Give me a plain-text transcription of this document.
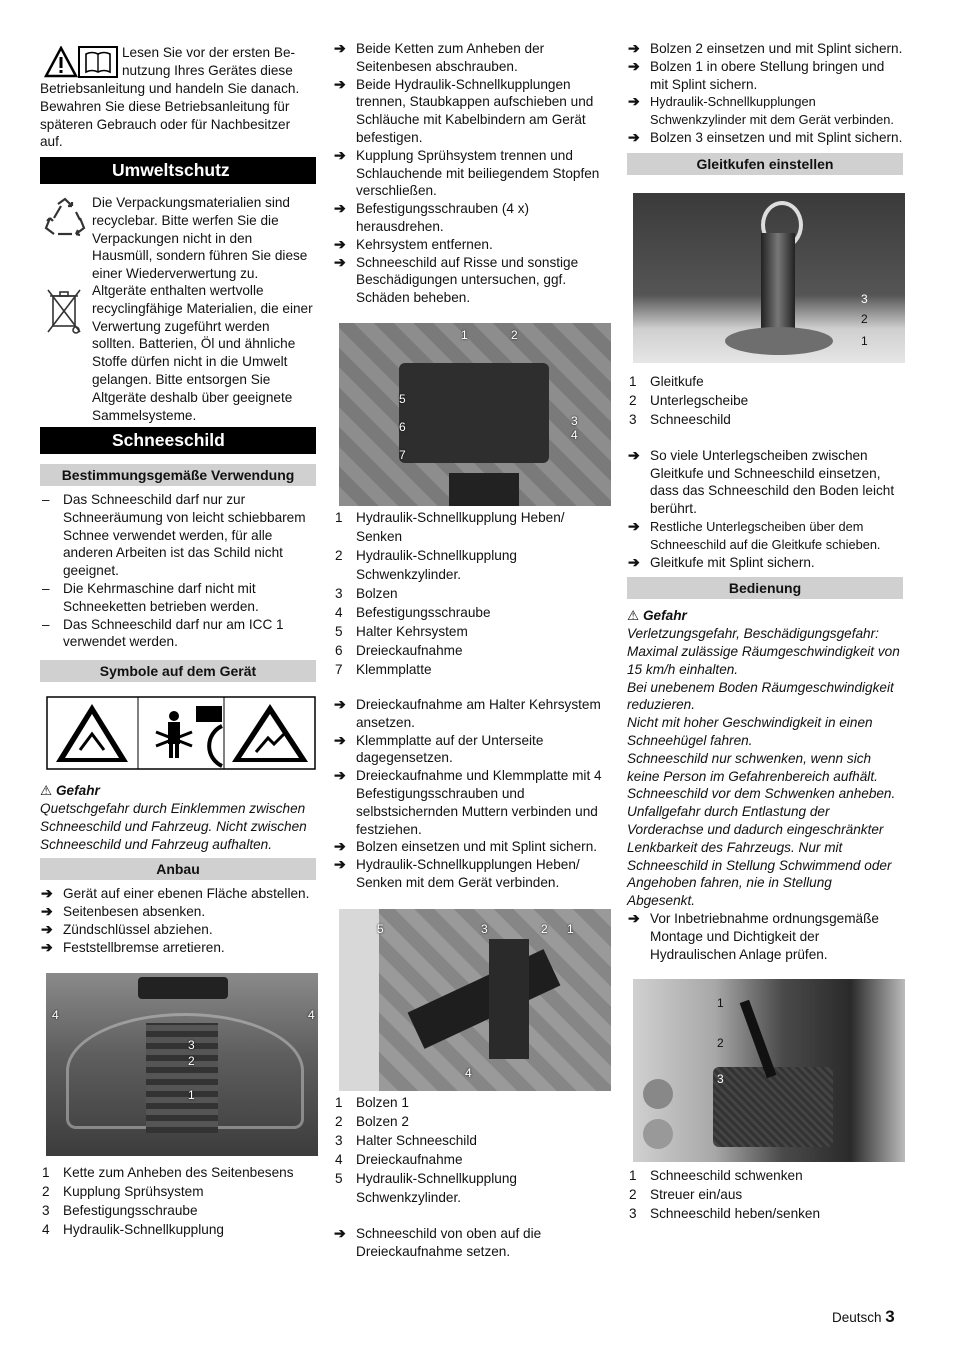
Lesen Sie vor der ersten Be-

nutzung Ihres Gerätes diese

Betriebsanleitung und handeln Sie danach. Bewahren Sie diese Betriebsanleitung für späteren Gebrauch oder für Nachbesitzer auf.

Umweltschutz

Die Verpackungsmaterialien sind recyclebar. Bitte werfen Sie die Verpackungen nicht in den Hausmüll, sondern führen Sie diese einer Wiederverwertung zu.

Altgeräte enthalten wertvolle recyclingfähige Materialien, die einer Verwertung zugeführt werden sollten. Batterien, Öl und ähnliche Stoffe dürfen nicht in die Umwelt gelangen. Bitte entsorgen Sie Altgeräte deshalb über geeignete Sammelsysteme.

Schneeschild
Bestimmungsgemäße Verwendung
– Das Schneeschild darf nur zur Schneeräumung von leicht schiebbarem Schnee verwendet werden, für alle anderen Arbeiten ist das Schild nicht geeignet.
– Die Kehrmaschine darf nicht mit Schneeketten betrieben werden.
– Das Schneeschild darf nur am ICC 1 verwendet werden.
Symbole auf dem Gerät

⚠ Gefahr

Quetschgefahr durch Einklemmen zwischen Schneeschild und Fahrzeug. Nicht zwischen Schneeschild und Fahrzeug aufhalten.

Anbau
➔ Gerät auf einer ebenen Fläche abstellen.
➔ Seitenbesen absenken.
➔ Zündschlüssel abziehen.
➔ Feststellbremse arretieren.
4	4
3
2
1
1 Kette zum Anheben des Seitenbesens
2 Kupplung Sprühsystem
3 Befestigungsschraube
4 Hydraulik-Schnellkupplung
➔ Beide Ketten zum Anheben der Seitenbesen abschrauben.
➔ Beide Hydraulik-Schnellkupplungen trennen, Staubkappen aufschieben und Schläuche mit Kabelbindern am Gerät befestigen.
➔ Kupplung Sprühsystem trennen und Schlauchende mit beiliegendem Stopfen verschließen.
➔ Befestigungsschrauben (4 x) herausdrehen.
➔ Kehrsystem entfernen.
➔ Schneeschild auf Risse und sonstige Beschädigungen untersuchen, ggf. Schäden beheben.
1	2
5
6	3
4
7
1 Hydraulik-Schnellkupplung Heben/ Senken
2 Hydraulik-Schnellkupplung Schwenkzylinder.
3 Bolzen
4 Befestigungsschraube
5 Halter Kehrsystem
6 Dreieckaufnahme
7 Klemmplatte
➔ Dreieckaufnahme am Halter Kehrsystem ansetzen.
➔ Klemmplatte auf der Unterseite dagegensetzen.
➔ Dreieckaufnahme und Klemmplatte mit 4 Befestigungsschrauben und selbstsichernden Muttern verbinden und festziehen.
➔ Bolzen einsetzen und mit Splint sichern.
➔ Hydraulik-Schnellkupplungen Heben/ Senken mit dem Gerät verbinden.
5	3	2 1
4
1 Bolzen 1
2 Bolzen 2
3 Halter Schneeschild
4 Dreieckaufnahme
5 Hydraulik-Schnellkupplung Schwenkzylinder.
➔ Schneeschild von oben auf die Dreieckaufnahme setzen.
➔ Bolzen 2 einsetzen und mit Splint sichern.
➔ Bolzen 1 in obere Stellung bringen und mit Splint sichern.
➔ Hydraulik-Schnellkupplungen Schwenkzylinder mit dem Gerät verbinden.
➔ Bolzen 3 einsetzen und mit Splint sichern.
Gleitkufen einstellen
3
2
1
1 Gleitkufe
2 Unterlegscheibe
3 Schneeschild
➔ So viele Unterlegscheiben zwischen Gleitkufe und Schneeschild einsetzen, dass das Schneeschild den Boden leicht berührt.
➔ Restliche Unterlegscheiben über dem Schneeschild auf die Gleitkufe schieben.
➔ Gleitkufe mit Splint sichern.
Bedienung

⚠ Gefahr

Verletzungsgefahr, Beschädigungsgefahr: Maximal zulässige Räumgeschwindigkeit von 15 km/h einhalten.

Bei unebenem Boden Räumgeschwindigkeit reduzieren.

Nicht mit hoher Geschwindigkeit in einen Schneehügel fahren.

Schneeschild nur schwenken, wenn sich keine Person im Gefahrenbereich aufhält.

Schneeschild vor dem Schwenken anheben.

Unfallgefahr durch Entlastung der Vorderachse und dadurch eingeschränkter Lenkbarkeit des Fahrzeugs. Nur mit Schneeschild in Stellung Schwimmend oder Angehoben fahren, nie in Stellung Abgesenkt.

➔ Vor Inbetriebnahme ordnungsgemäße Montage und Dichtigkeit der Hydraulischen Anlage prüfen.
1
2
3
1 Schneeschild schwenken
2 Streuer ein/aus
3 Schneeschild heben/senken
Deutsch 3
